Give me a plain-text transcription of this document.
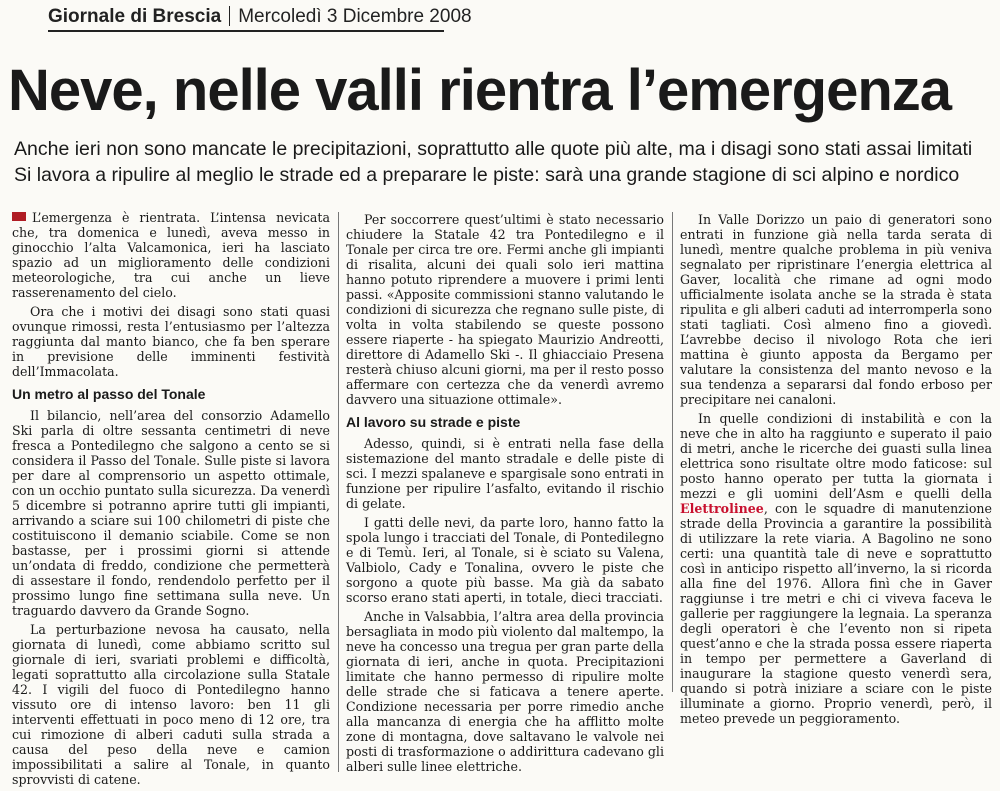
Giornale di Brescia Mercoledì 3 Dicembre 2008
Neve, nelle valli rientra l’emergenza
Anche ieri non sono mancate le precipitazioni, soprattutto alle quote più alte, ma i disagi sono stati assai limitati
Si lavora a ripulire al meglio le strade ed a preparare le piste: sarà una grande stagione di sci alpino e nordico

L’emergenza è rientrata. L’intensa nevicata che, tra domenica e lunedì, aveva messo in ginocchio l’alta Valcamonica, ieri ha lasciato spazio ad un miglioramento delle condizioni meteorologiche, tra cui anche un lieve rasserenamento del cielo.

Ora che i motivi dei disagi sono stati quasi ovunque rimossi, resta l’entusiasmo per l’altezza raggiunta dal manto bianco, che fa ben sperare in previsione delle imminenti festività dell’Immacolata.

Un metro al passo del Tonale

Il bilancio, nell’area del consorzio Adamello Ski parla di oltre sessanta centimetri di neve fresca a Pontedilegno che salgono a cento se si considera il Passo del Tonale. Sulle piste si lavora per dare al comprensorio un aspetto ottimale, con un occhio puntato sulla sicurezza. Da venerdì 5 dicembre si potranno aprire tutti gli impianti, arrivando a sciare sui 100 chilometri di piste che costituiscono il demanio sciabile. Come se non bastasse, per i prossimi giorni si attende un’ondata di freddo, condizione che permetterà di assestare il fondo, rendendolo perfetto per il prossimo lungo fine settimana sulla neve. Un traguardo davvero da Grande Sogno.

La perturbazione nevosa ha causato, nella giornata di lunedì, come abbiamo scritto sul giornale di ieri, svariati problemi e difficoltà, legati soprattutto alla circolazione sulla Statale 42. I vigili del fuoco di Pontedilegno hanno vissuto ore di intenso lavoro: ben 11 gli interventi effettuati in poco meno di 12 ore, tra cui rimozione di alberi caduti sulla strada a causa del peso della neve e camion impossibilitati a salire al Tonale, in quanto sprovvisti di catene.

Per soccorrere quest’ultimi è stato necessario chiudere la Statale 42 tra Pontedilegno e il Tonale per circa tre ore. Fermi anche gli impianti di risalita, alcuni dei quali solo ieri mattina hanno potuto riprendere a muovere i primi lenti passi. «Apposite commissioni stanno valutando le condizioni di sicurezza che regnano sulle piste, di volta in volta stabilendo se queste possono essere riaperte - ha spiegato Maurizio Andreotti, direttore di Adamello Ski -. Il ghiacciaio Presena resterà chiuso alcuni giorni, ma per il resto posso affermare con certezza che da venerdì avremo davvero una situazione ottimale».

Al lavoro su strade e piste

Adesso, quindi, si è entrati nella fase della sistemazione del manto stradale e delle piste di sci. I mezzi spalaneve e spargisale sono entrati in funzione per ripulire l’asfalto, evitando il rischio di gelate.

I gatti delle nevi, da parte loro, hanno fatto la spola lungo i tracciati del Tonale, di Pontedilegno e di Temù. Ieri, al Tonale, si è sciato su Valena, Valbiolo, Cady e Tonalina, ovvero le piste che sorgono a quote più basse. Ma già da sabato scorso erano stati aperti, in totale, dieci tracciati.

Anche in Valsabbia, l’altra area della provincia bersagliata in modo più violento dal maltempo, la neve ha concesso una tregua per gran parte della giornata di ieri, anche in quota. Precipitazioni limitate che hanno permesso di ripulire molte delle strade che si faticava a tenere aperte. Condizione necessaria per porre rimedio anche alla mancanza di energia che ha afflitto molte zone di montagna, dove saltavano le valvole nei posti di trasformazione o addirittura cadevano gli alberi sulle linee elettriche.

In Valle Dorizzo un paio di generatori sono entrati in funzione già nella tarda serata di lunedì, mentre qualche problema in più veniva segnalato per ripristinare l’energia elettrica al Gaver, località che rimane ad ogni modo ufficialmente isolata anche se la strada è stata ripulita e gli alberi caduti ad interromperla sono stati tagliati. Così almeno fino a giovedì. L’avrebbe deciso il nivologo Rota che ieri mattina è giunto apposta da Bergamo per valutare la consistenza del manto nevoso e la sua tendenza a separarsi dal fondo erboso per precipitare nei canaloni.

In quelle condizioni di instabilità e con la neve che in alto ha raggiunto e superato il paio di metri, anche le ricerche dei guasti sulla linea elettrica sono risultate oltre modo faticose: sul posto hanno operato per tutta la giornata i mezzi e gli uomini dell’Asm e quelli della Elettrolinee, con le squadre di manutenzione strade della Provincia a garantire la possibilità di utilizzare la rete viaria. A Bagolino ne sono certi: una quantità tale di neve e soprattutto così in anticipo rispetto all’inverno, la si ricorda alla fine del 1976. Allora finì che in Gaver raggiunse i tre metri e chi ci viveva faceva le gallerie per raggiungere la legnaia. La speranza degli operatori è che l’evento non si ripeta quest’anno e che la strada possa essere riaperta in tempo per permettere a Gaverland di inaugurare la stagione questo venerdì sera, quando si potrà iniziare a sciare con le piste illuminate a giorno. Proprio venerdì, però, il meteo prevede un peggioramento.
